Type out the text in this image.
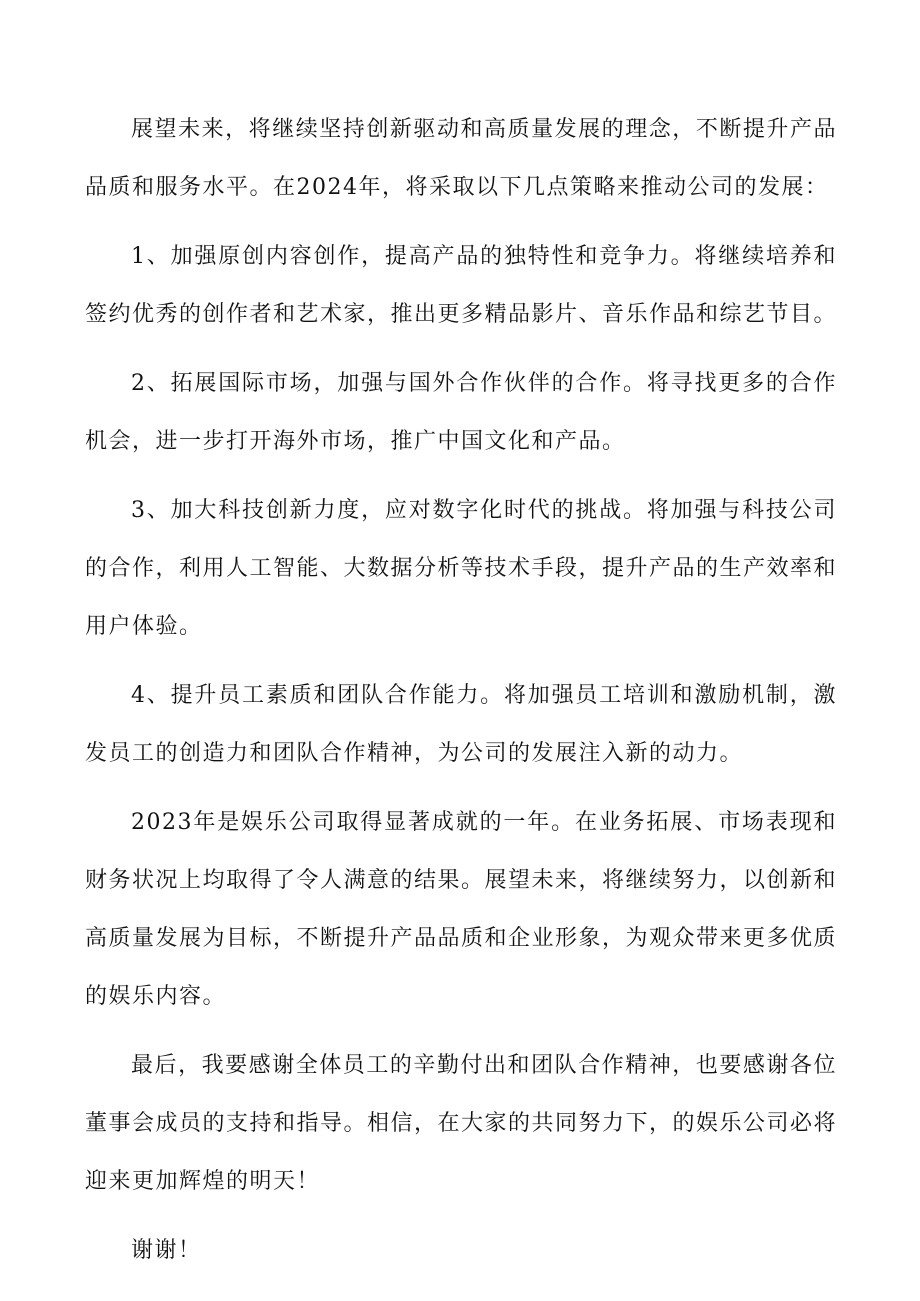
展望未来，将继续坚持创新驱动和高质量发展的理念，不断提升产品品质和服务水平。在2024年，将采取以下几点策略来推动公司的发展：

1、加强原创内容创作，提高产品的独特性和竞争力。将继续培养和签约优秀的创作者和艺术家，推出更多精品影片、音乐作品和综艺节目。

2、拓展国际市场，加强与国外合作伙伴的合作。将寻找更多的合作机会，进一步打开海外市场，推广中国文化和产品。

3、加大科技创新力度，应对数字化时代的挑战。将加强与科技公司的合作，利用人工智能、大数据分析等技术手段，提升产品的生产效率和用户体验。

4、提升员工素质和团队合作能力。将加强员工培训和激励机制，激发员工的创造力和团队合作精神，为公司的发展注入新的动力。

2023年是娱乐公司取得显著成就的一年。在业务拓展、市场表现和财务状况上均取得了令人满意的结果。展望未来，将继续努力，以创新和高质量发展为目标，不断提升产品品质和企业形象，为观众带来更多优质的娱乐内容。

最后，我要感谢全体员工的辛勤付出和团队合作精神，也要感谢各位董事会成员的支持和指导。相信，在大家的共同努力下，的娱乐公司必将迎来更加辉煌的明天！

谢谢！
